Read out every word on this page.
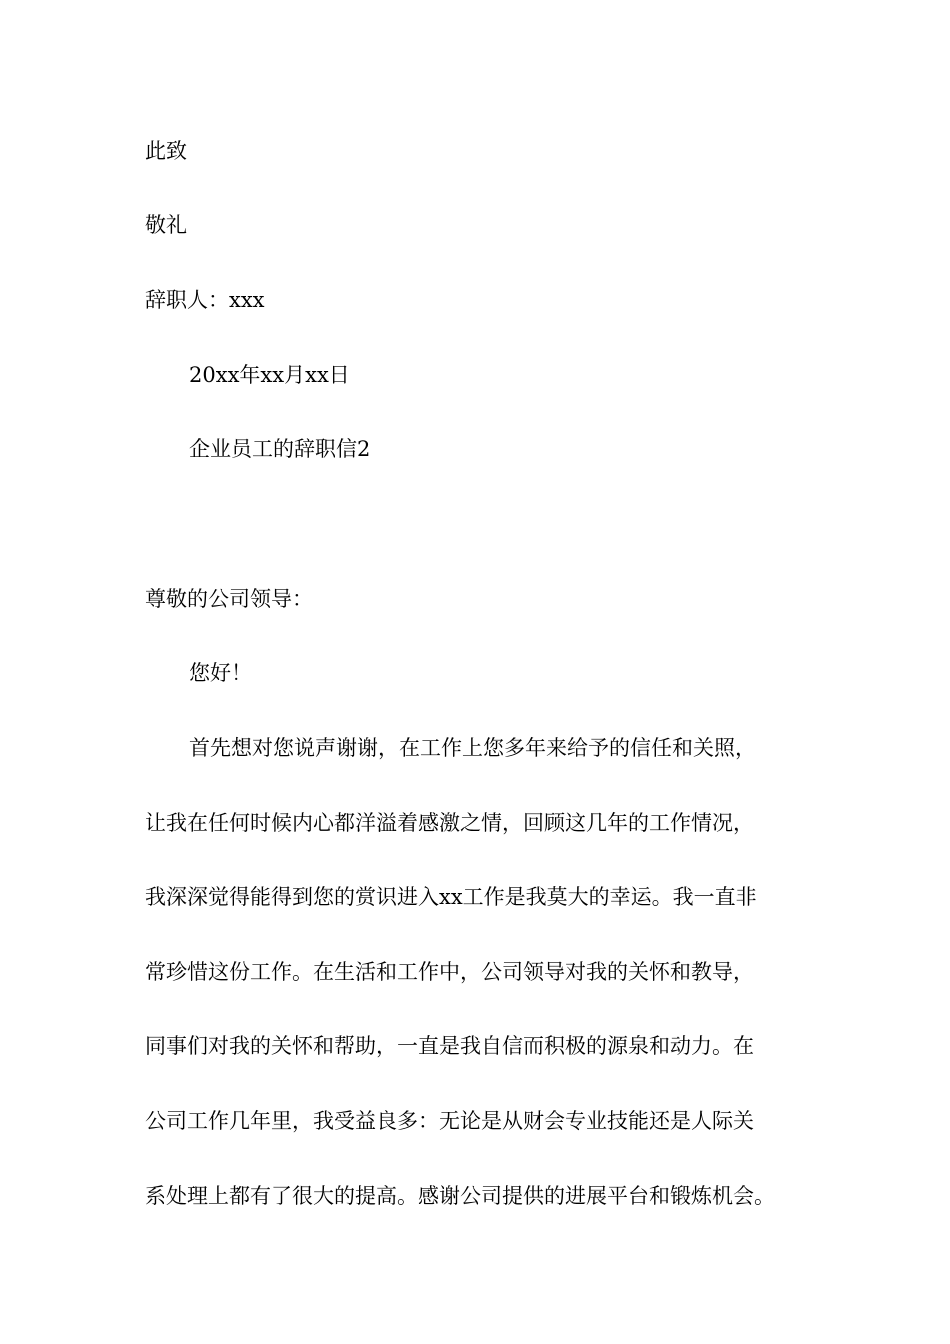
此致
敬礼
辞职人：xxx
20xx年xx月xx日
企业员工的辞职信2
尊敬的公司领导：
您好！
首先想对您说声谢谢，在工作上您多年来给予的信任和关照，
让我在任何时候内心都洋溢着感激之情，回顾这几年的工作情况，
我深深觉得能得到您的赏识进入xx工作是我莫大的幸运。我一直非
常珍惜这份工作。在生活和工作中，公司领导对我的关怀和教导，
同事们对我的关怀和帮助，一直是我自信而积极的源泉和动力。在
公司工作几年里，我受益良多：无论是从财会专业技能还是人际关
系处理上都有了很大的提高。感谢公司提供的进展平台和锻炼机会。
